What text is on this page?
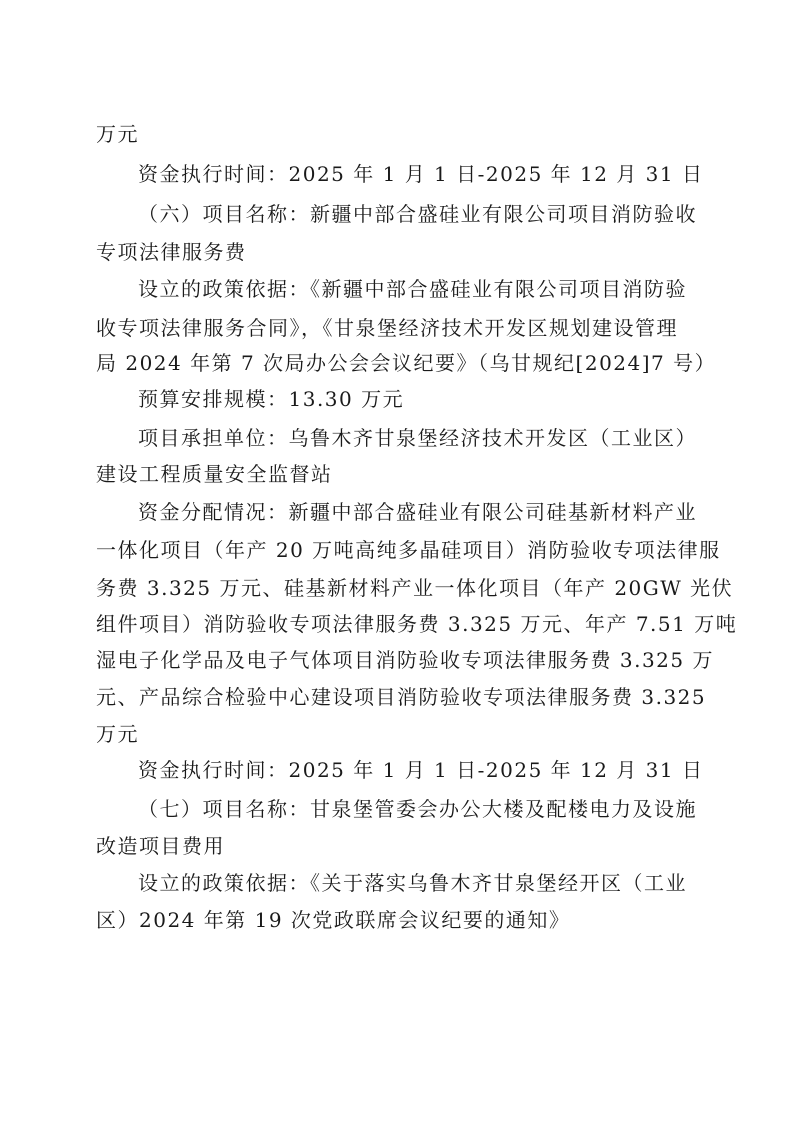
万元
资金执行时间：2025 年 1 月 1 日-2025 年 12 月 31 日
（六）项目名称：新疆中部合盛硅业有限公司项目消防验收
专项法律服务费
设立的政策依据：《新疆中部合盛硅业有限公司项目消防验
收专项法律服务合同》，《甘泉堡经济技术开发区规划建设管理
局 2024 年第 7 次局办公会会议纪要》（乌甘规纪[2024]7 号）
预算安排规模：13.30 万元
项目承担单位：乌鲁木齐甘泉堡经济技术开发区（工业区）
建设工程质量安全监督站
资金分配情况：新疆中部合盛硅业有限公司硅基新材料产业
一体化项目（年产 20 万吨高纯多晶硅项目）消防验收专项法律服
务费 3.325 万元、硅基新材料产业一体化项目（年产 20GW 光伏
组件项目）消防验收专项法律服务费 3.325 万元、年产 7.51 万吨
湿电子化学品及电子气体项目消防验收专项法律服务费 3.325 万
元、产品综合检验中心建设项目消防验收专项法律服务费 3.325
万元
资金执行时间：2025 年 1 月 1 日-2025 年 12 月 31 日
（七）项目名称：甘泉堡管委会办公大楼及配楼电力及设施
改造项目费用
设立的政策依据：《关于落实乌鲁木齐甘泉堡经开区（工业
区）2024 年第 19 次党政联席会议纪要的通知》
